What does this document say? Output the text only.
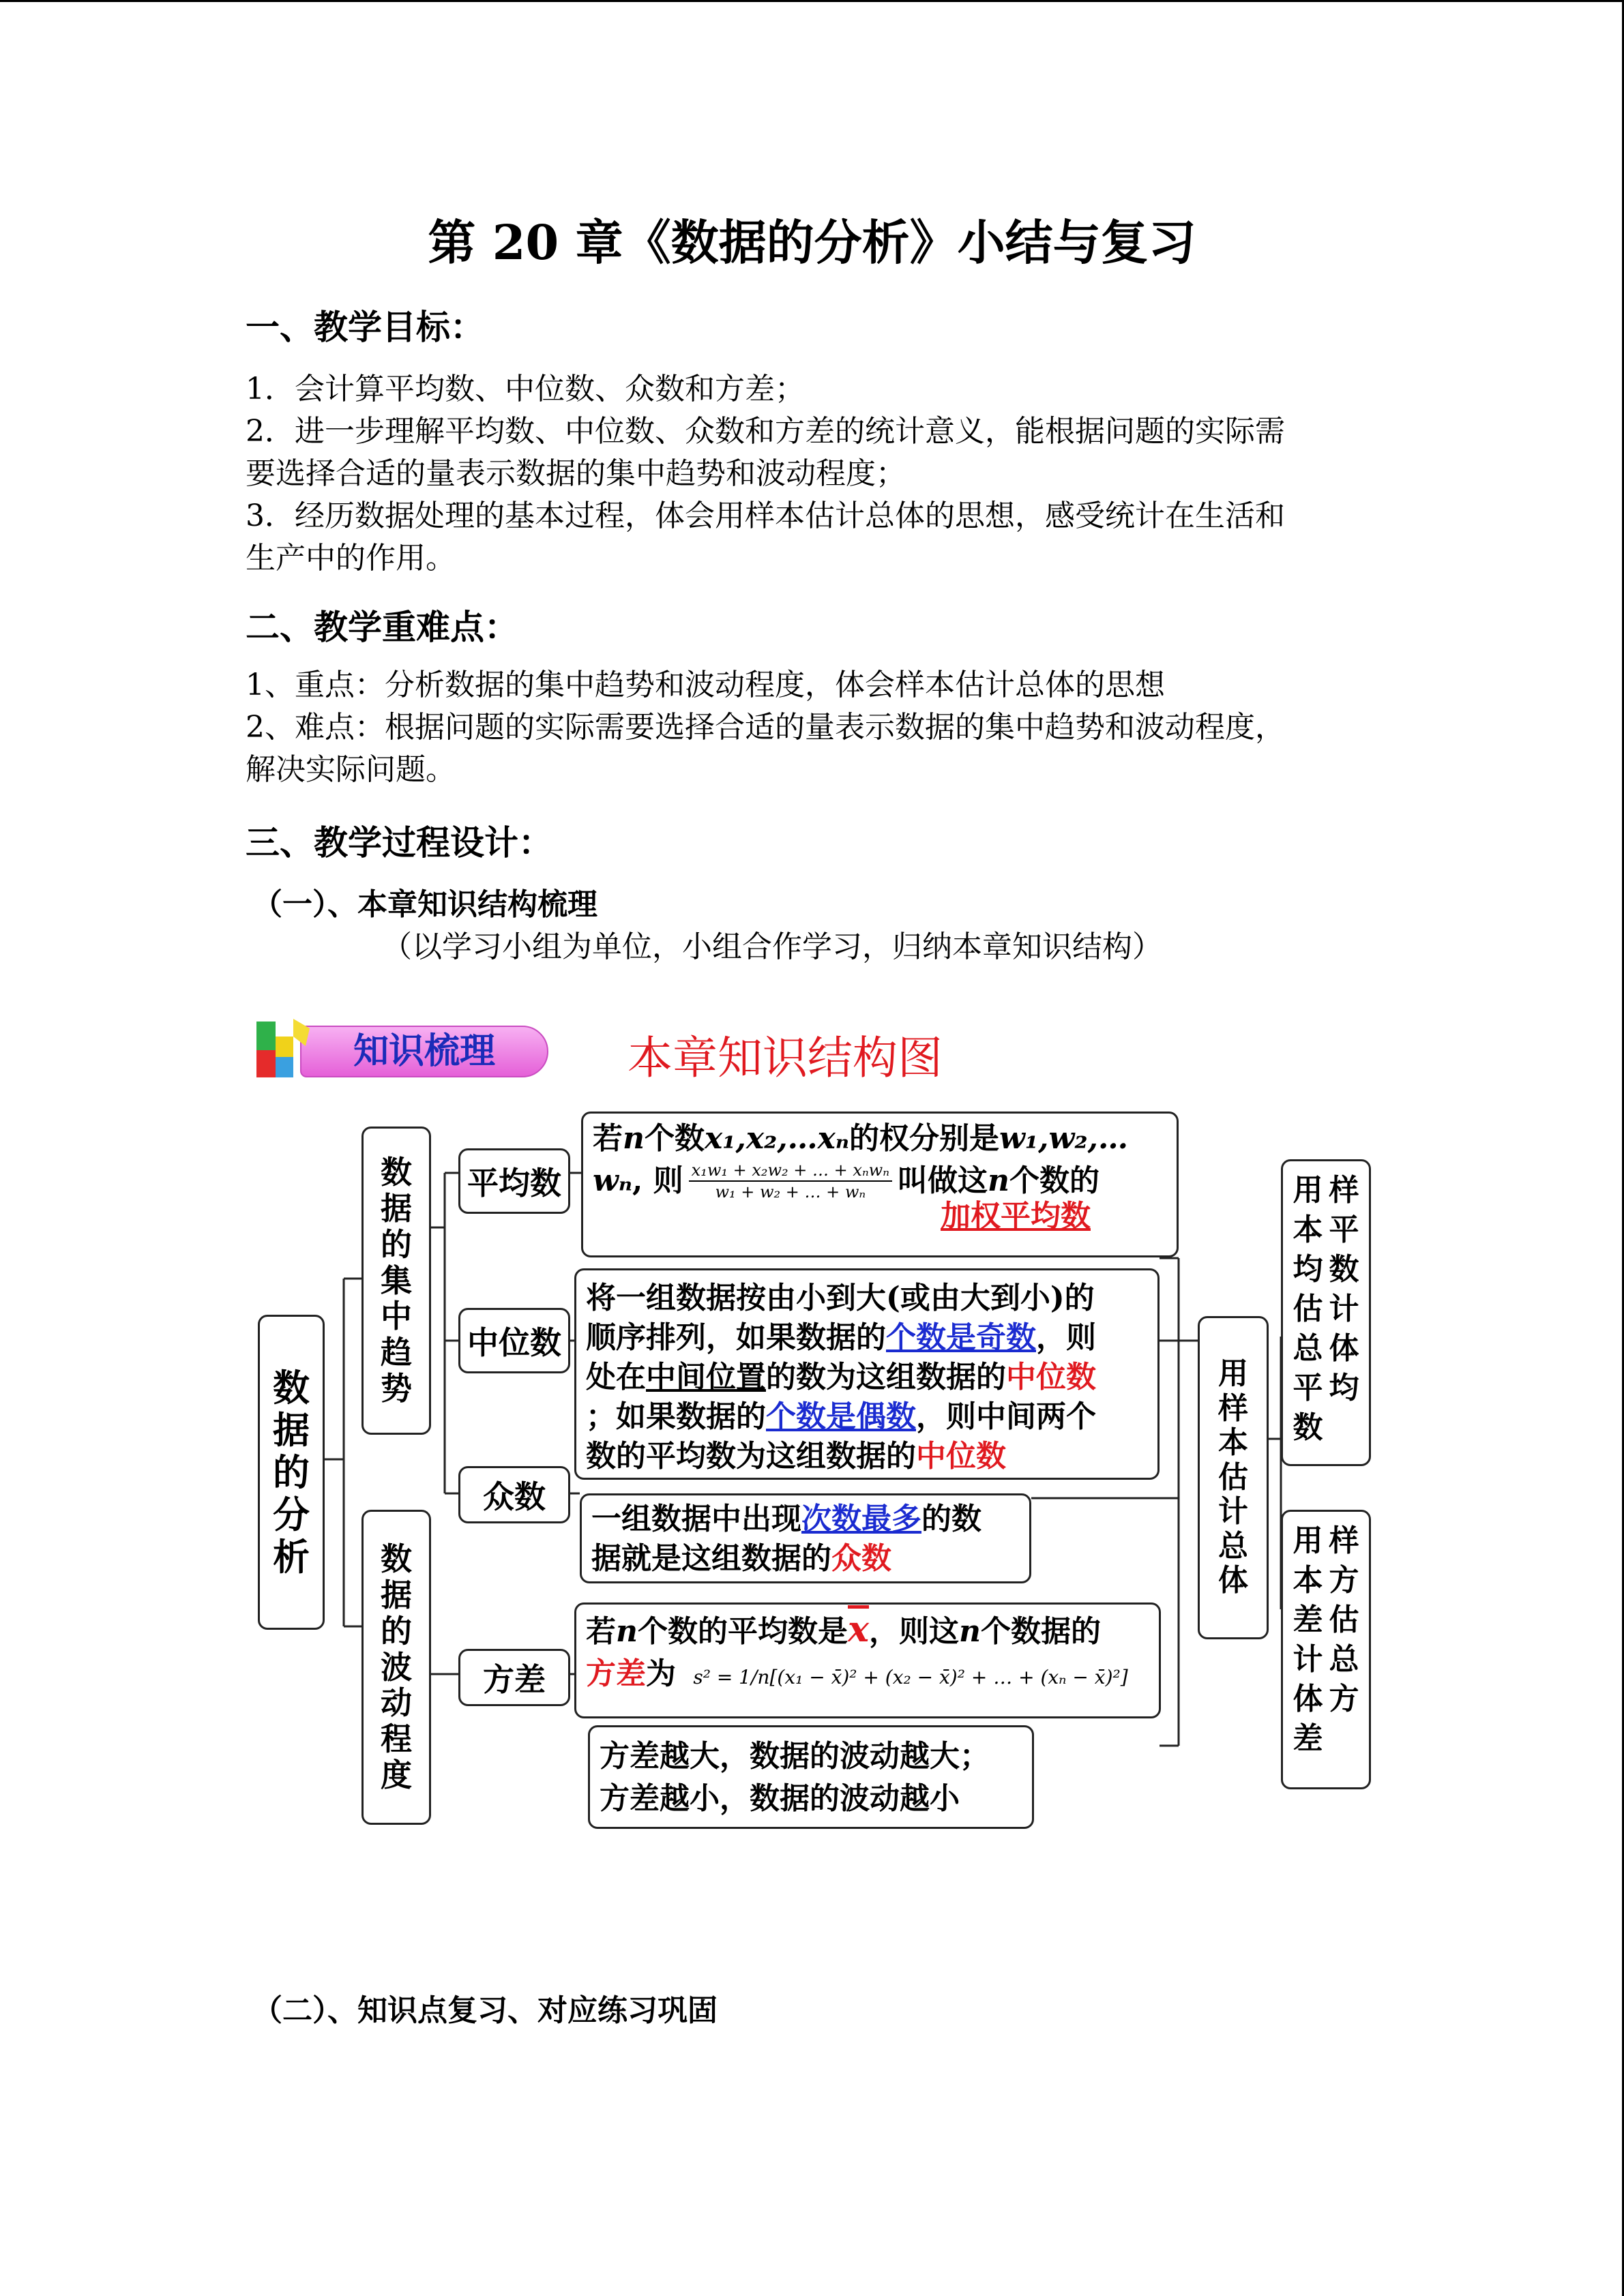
第 20 章《数据的分析》小结与复习
一、教学目标：
1．会计算平均数、中位数、众数和方差；
2．进一步理解平均数、中位数、众数和方差的统计意义，能根据问题的实际需
要选择合适的量表示数据的集中趋势和波动程度；
3．经历数据处理的基本过程，体会用样本估计总体的思想，感受统计在生活和
生产中的作用。
二、教学重难点：
1、重点：分析数据的集中趋势和波动程度，体会样本估计总体的思想
2、难点：根据问题的实际需要选择合适的量表示数据的集中趋势和波动程度，
解决实际问题。
三、教学过程设计：
（一）、本章知识结构梳理
（以学习小组为单位，小组合作学习，归纳本章知识结构）
知识梳理	本章知识结构图
数
据
的
分
析
数
据
的
集
中
趋
势
数
据
的
波
动
程
度
平均数
中位数
众数
方差
若n个数x₁,x₂,…xₙ的权分别是w₁,w₂,…
wₙ , 则 $\frac{\text{x₁w₁ + x₂w₂ + … + xₙwₙ}}{\text{w₁ + w₂ + … + wₙ}}$ 叫做这 n 个数的
加权平均数
将一组数据按由小到大(或由大到小)的
顺序排列，如果数据的个数是奇数，则
处在中间位置的数为这组数据的中位数
；如果数据的个数是偶数，则中间两个
数的平均数为这组数据的中位数
一组数据中出现次数最多的数
据就是这组数据的众数
若n个数的平均数是$\overline{x}$，则这n个数据的
方差为 s² = 1/n[(x₁ − x̄)² + (x₂ − x̄)² + … + (xₙ − x̄)²]
方差越大，数据的波动越大；
方差越小，数据的波动越小
用
样
本
估
计
总
体
用 样
本 平
均 数
估 计
总 体
平 均
数
用 样
本 方
差 估
计 总
体 方
差
（二）、知识点复习、对应练习巩固
